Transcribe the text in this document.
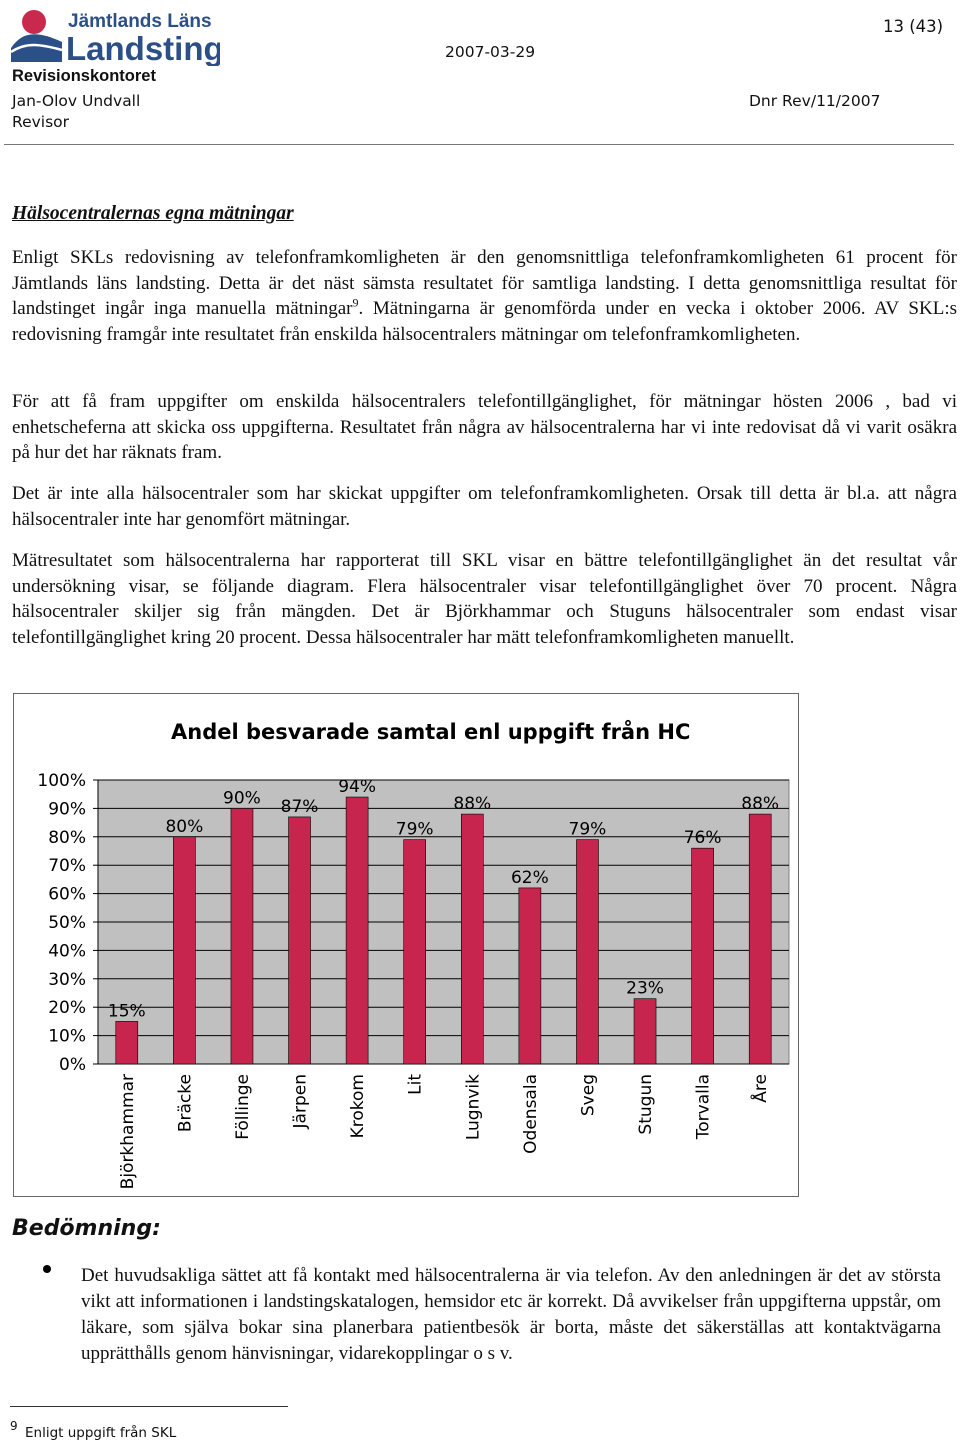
Jämtlands Läns
Landsting	2007-03-29
13 (43)
Revisionskontoret
Jan-Olov Undvall
Revisor
Dnr Rev/11/2007
Hälsocentralernas egna mätningar
Enligt SKLs redovisning av telefonframkomligheten är den genomsnittliga telefonframkomligheten 61 procent för Jämtlands läns landsting. Detta är det näst sämsta resultatet för samtliga landsting. I detta genomsnittliga resultat för landstinget ingår inga manuella mätningar$^9$. Mätningarna är genomförda under en vecka i oktober 2006. AV SKL:s redovisning framgår inte resultatet från enskilda hälsocentralers mätningar om telefonframkomligheten.
För att få fram uppgifter om enskilda hälsocentralers telefontillgänglighet, för mätningar hösten 2006 , bad vi enhetscheferna att skicka oss uppgifterna. Resultatet från några av hälsocentralerna har vi inte redovisat då vi varit osäkra på hur det har räknats fram.
Det är inte alla hälsocentraler som har skickat uppgifter om telefonframkomligheten. Orsak till detta är bl.a. att några hälsocentraler inte har genomfört mätningar.
Mätresultatet som hälsocentralerna har rapporterat till SKL visar en bättre telefontillgänglighet än det resultat vår undersökning visar, se följande diagram. Flera hälsocentraler visar telefontillgänglighet över 70 procent. Några hälsocentraler skiljer sig från mängden. Det är Björkhammar och Stuguns hälsocentraler som endast visar telefontillgänglighet kring 20 procent. Dessa hälsocentraler har mätt telefonframkomligheten manuellt.
Andel besvarade samtal enl uppgift från HC
0%
10%
20%
30%
40%
50%
60%
70%
80%
90%
100%
15%
Björkhammar
80%
Bräcke
90%
Föllinge
87%
Järpen
94%
Krokom
79%
Lit
88%
Lugnvik
62%
Odensala
79%
Sveg
23%
Stugun
76%
Torvalla
88%
Åre
Bedömning:
Det huvudsakliga sättet att få kontakt med hälsocentralerna är via telefon. Av den anledningen är det av största vikt att informationen i landstingskatalogen, hemsidor etc är korrekt. Då avvikelser från uppgifterna uppstår, om läkare, som själva bokar sina planerbara patientbesök är borta, måste det säkerställas att kontaktvägarna upprätthålls genom hänvisningar, vidarekopplingar o s v.
9 Enligt uppgift från SKL
